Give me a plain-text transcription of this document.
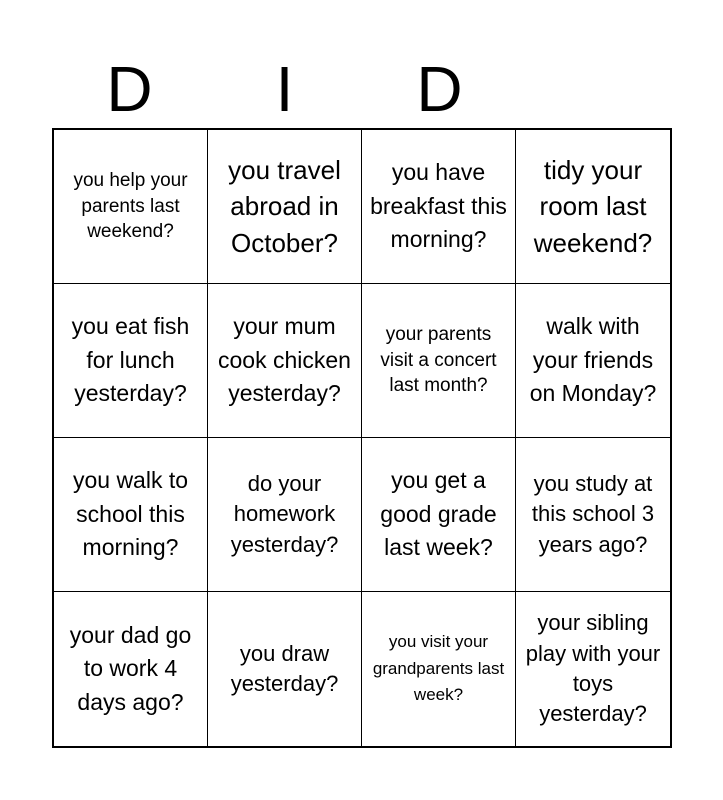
D	I	D
you help your parents last weekend?
you travel abroad in October?
you have breakfast this morning?
tidy your room last weekend?
you eat fish for lunch yesterday?
your mum cook chicken yesterday?
your parents visit a concert last month?
walk with your friends on Monday?
you walk to school this morning?
do your homework yesterday?
you get a good grade last week?
you study at this school 3 years ago?
your dad go to work 4 days ago?
you draw yesterday?
you visit your grandparents last week?
your sibling play with your toys yesterday?
